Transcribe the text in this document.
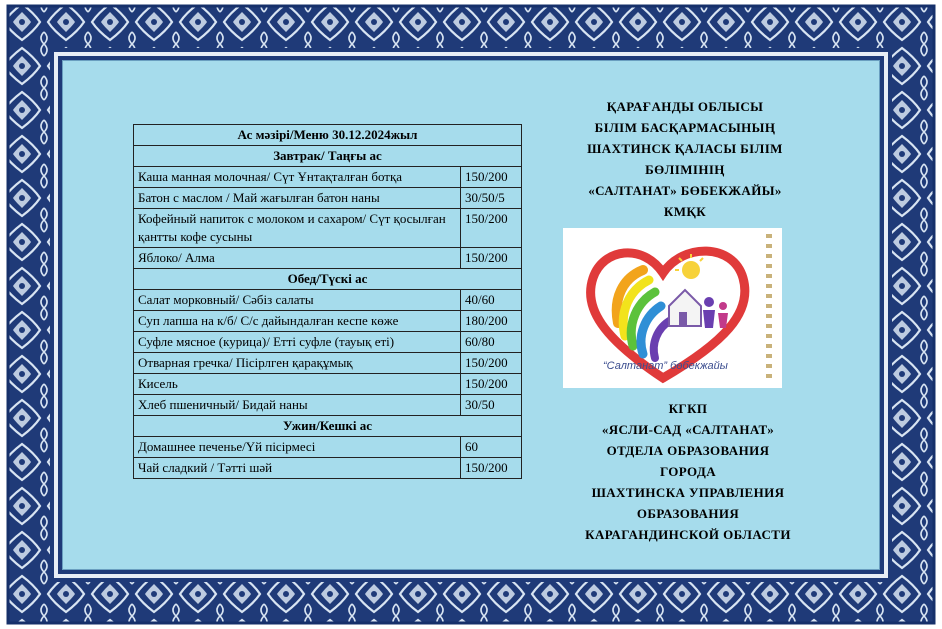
Ас мәзірі/Меню 30.12.2024жыл	
Завтрак/ Таңғы ас	
Каша манная молочная/ Сүт Ұнтақталған ботқа	150/200
Батон с маслом / Май жағылған батон наны	30/50/5
Кофейный напиток с молоком и сахаром/ Сүт қосылған қантты кофе сусыны	150/200
Яблоко/ Алма	150/200
Обед/Түскі ас	
Салат морковный/ Сәбіз салаты	40/60
Суп лапша на к/б/ С/с дайындалған кеспе көже	180/200
Суфле мясное (курица)/ Етті суфле (тауық еті)	60/80
Отварная гречка/ Пісірлген қарақұмық	150/200
Кисель	150/200
Хлеб пшеничный/ Бидай наны	30/50
Ужин/Кешкі ас	
Домашнее печенье/Үй пісірмесі	60
Чай сладкий / Тәтті шәй	150/200
ҚАРАҒАНДЫ ОБЛЫСЫ
БІЛІМ БАСҚАРМАСЫНЫҢ
ШАХТИНСК ҚАЛАСЫ БІЛІМ
БӨЛІМІНІҢ
«САЛТАНАТ» БӨБЕКЖАЙЫ»
КМҚК
“Салтанат” бөбекжайы
КГКП
«ЯСЛИ-САД «САЛТАНАТ»
ОТДЕЛА ОБРАЗОВАНИЯ
ГОРОДА
ШАХТИНСКА УПРАВЛЕНИЯ
ОБРАЗОВАНИЯ
КАРАГАНДИНСКОЙ ОБЛАСТИ
